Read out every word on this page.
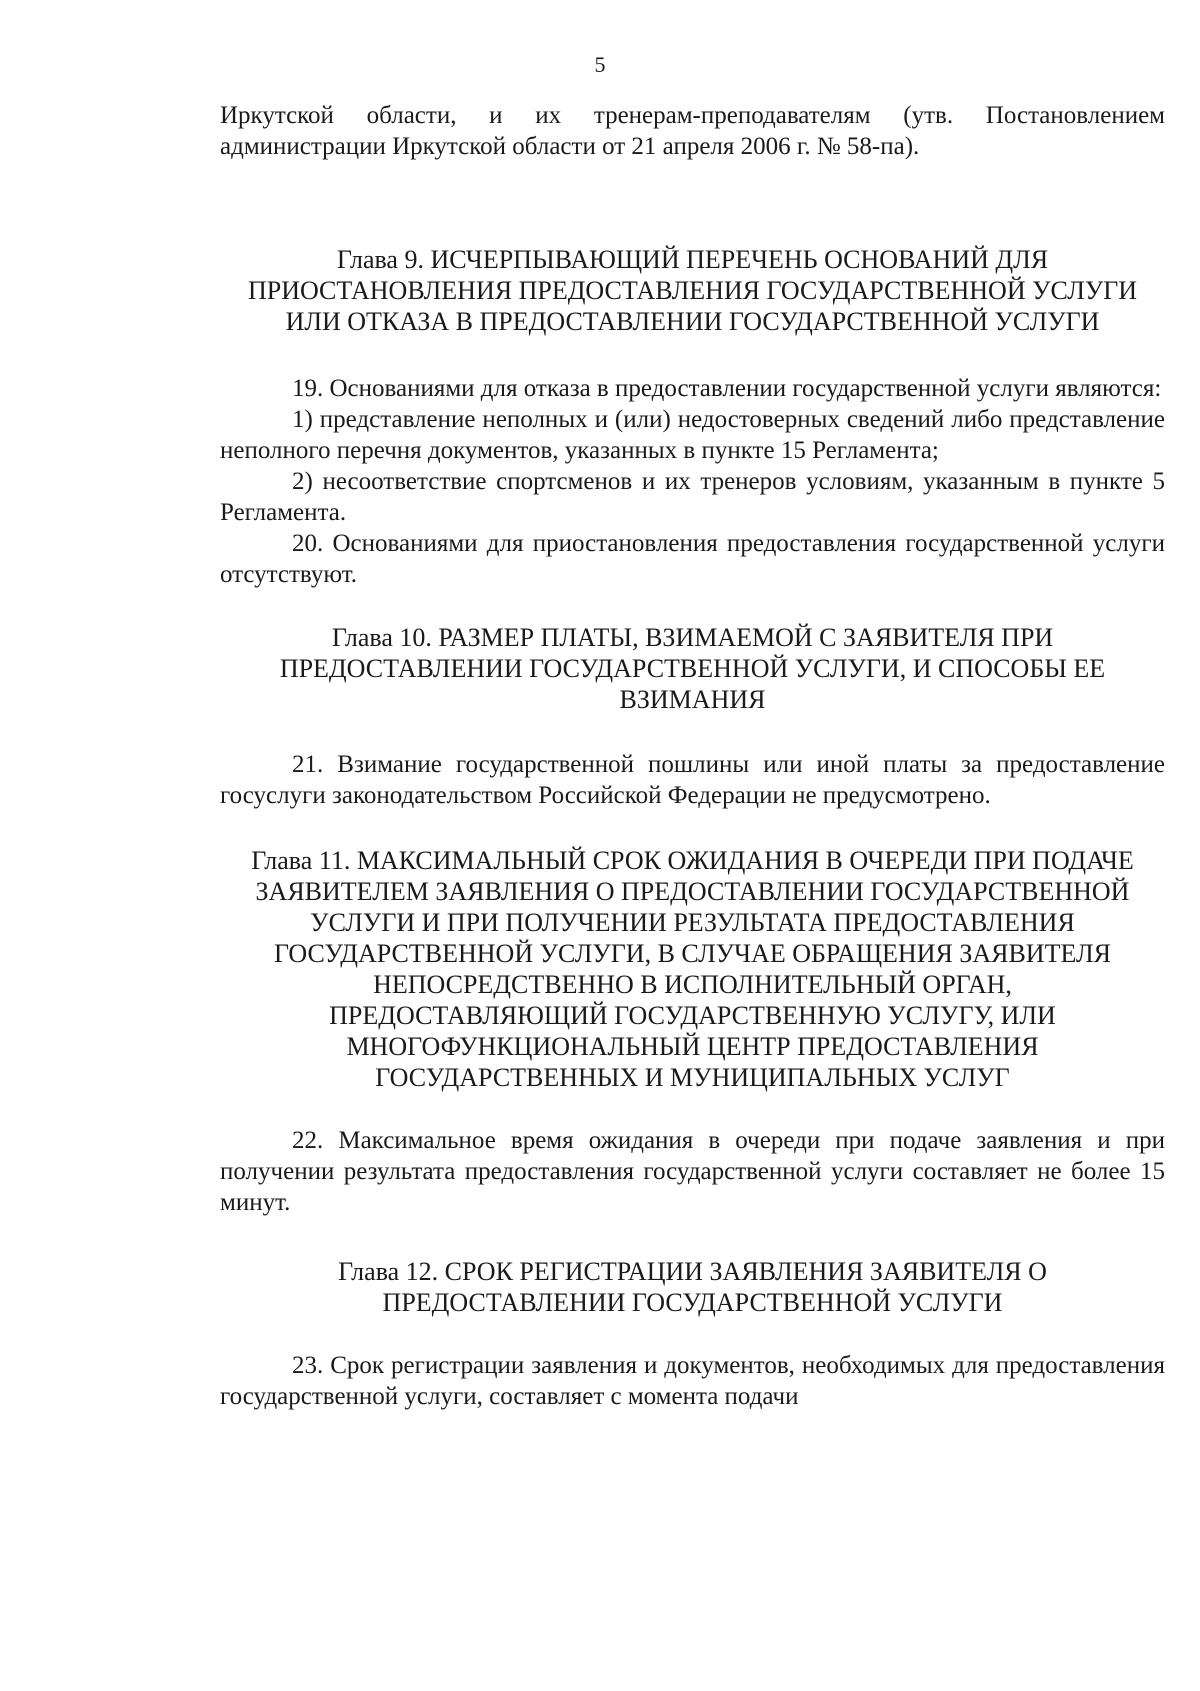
5

Иркутской области, и их тренерам-преподавателям (утв. Постановлением администрации Иркутской области от 21 апреля 2006 г. № 58-па).

Глава 9. ИСЧЕРПЫВАЮЩИЙ ПЕРЕЧЕНЬ ОСНОВАНИЙ ДЛЯ ПРИОСТАНОВЛЕНИЯ ПРЕДОСТАВЛЕНИЯ ГОСУДАРСТВЕННОЙ УСЛУГИ ИЛИ ОТКАЗА В ПРЕДОСТАВЛЕНИИ ГОСУДАРСТВЕННОЙ УСЛУГИ

19. Основаниями для отказа в предоставлении государственной услуги являются:

1) представление неполных и (или) недостоверных сведений либо представление неполного перечня документов, указанных в пункте 15 Регламента;

2) несоответствие спортсменов и их тренеров условиям, указанным в пункте 5 Регламента.

20. Основаниями для приостановления предоставления государственной услуги отсутствуют.

Глава 10. РАЗМЕР ПЛАТЫ, ВЗИМАЕМОЙ С ЗАЯВИТЕЛЯ ПРИ ПРЕДОСТАВЛЕНИИ ГОСУДАРСТВЕННОЙ УСЛУГИ, И СПОСОБЫ ЕЕ ВЗИМАНИЯ

21. Взимание государственной пошлины или иной платы за предоставление госуслуги законодательством Российской Федерации не предусмотрено.

Глава 11. МАКСИМАЛЬНЫЙ СРОК ОЖИДАНИЯ В ОЧЕРЕДИ ПРИ ПОДАЧЕ ЗАЯВИТЕЛЕМ ЗАЯВЛЕНИЯ О ПРЕДОСТАВЛЕНИИ ГОСУДАРСТВЕННОЙ УСЛУГИ И ПРИ ПОЛУЧЕНИИ РЕЗУЛЬТАТА ПРЕДОСТАВЛЕНИЯ ГОСУДАРСТВЕННОЙ УСЛУГИ, В СЛУЧАЕ ОБРАЩЕНИЯ ЗАЯВИТЕЛЯ НЕПОСРЕДСТВЕННО В ИСПОЛНИТЕЛЬНЫЙ ОРГАН, ПРЕДОСТАВЛЯЮЩИЙ ГОСУДАРСТВЕННУЮ УСЛУГУ, ИЛИ МНОГОФУНКЦИОНАЛЬНЫЙ ЦЕНТР ПРЕДОСТАВЛЕНИЯ ГОСУДАРСТВЕННЫХ И МУНИЦИПАЛЬНЫХ УСЛУГ

22. Максимальное время ожидания в очереди при подаче заявления и при получении результата предоставления государственной услуги составляет не более 15 минут.

Глава 12. СРОК РЕГИСТРАЦИИ ЗАЯВЛЕНИЯ ЗАЯВИТЕЛЯ О ПРЕДОСТАВЛЕНИИ ГОСУДАРСТВЕННОЙ УСЛУГИ

23. Срок регистрации заявления и документов, необходимых для предоставления государственной услуги, составляет с момента подачи
